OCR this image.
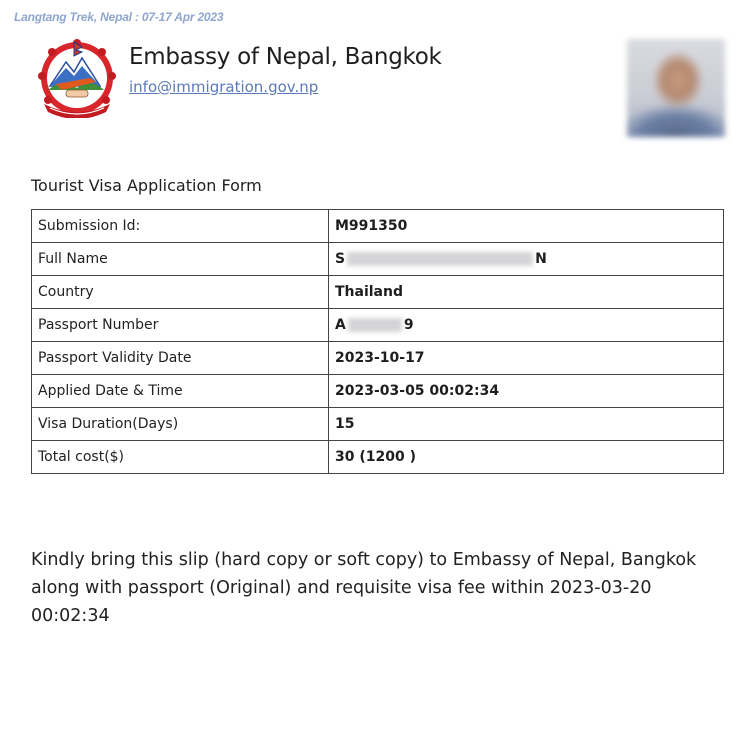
Langtang Trek, Nepal : 07-17 Apr 2023
Embassy of Nepal, Bangkok
info@immigration.gov.np
Tourist Visa Application Form
Submission Id:	M991350
Full Name	S N
Country	Thailand
Passport Number	A 9
Passport Validity Date	2023-10-17
Applied Date & Time	2023-03-05 00:02:34
Visa Duration(Days)	15
Total cost($)	30 (1200 )
Kindly bring this slip (hard copy or soft copy) to Embassy of Nepal, Bangkok along with passport (Original) and requisite visa fee within 2023-03-20 00:02:34
